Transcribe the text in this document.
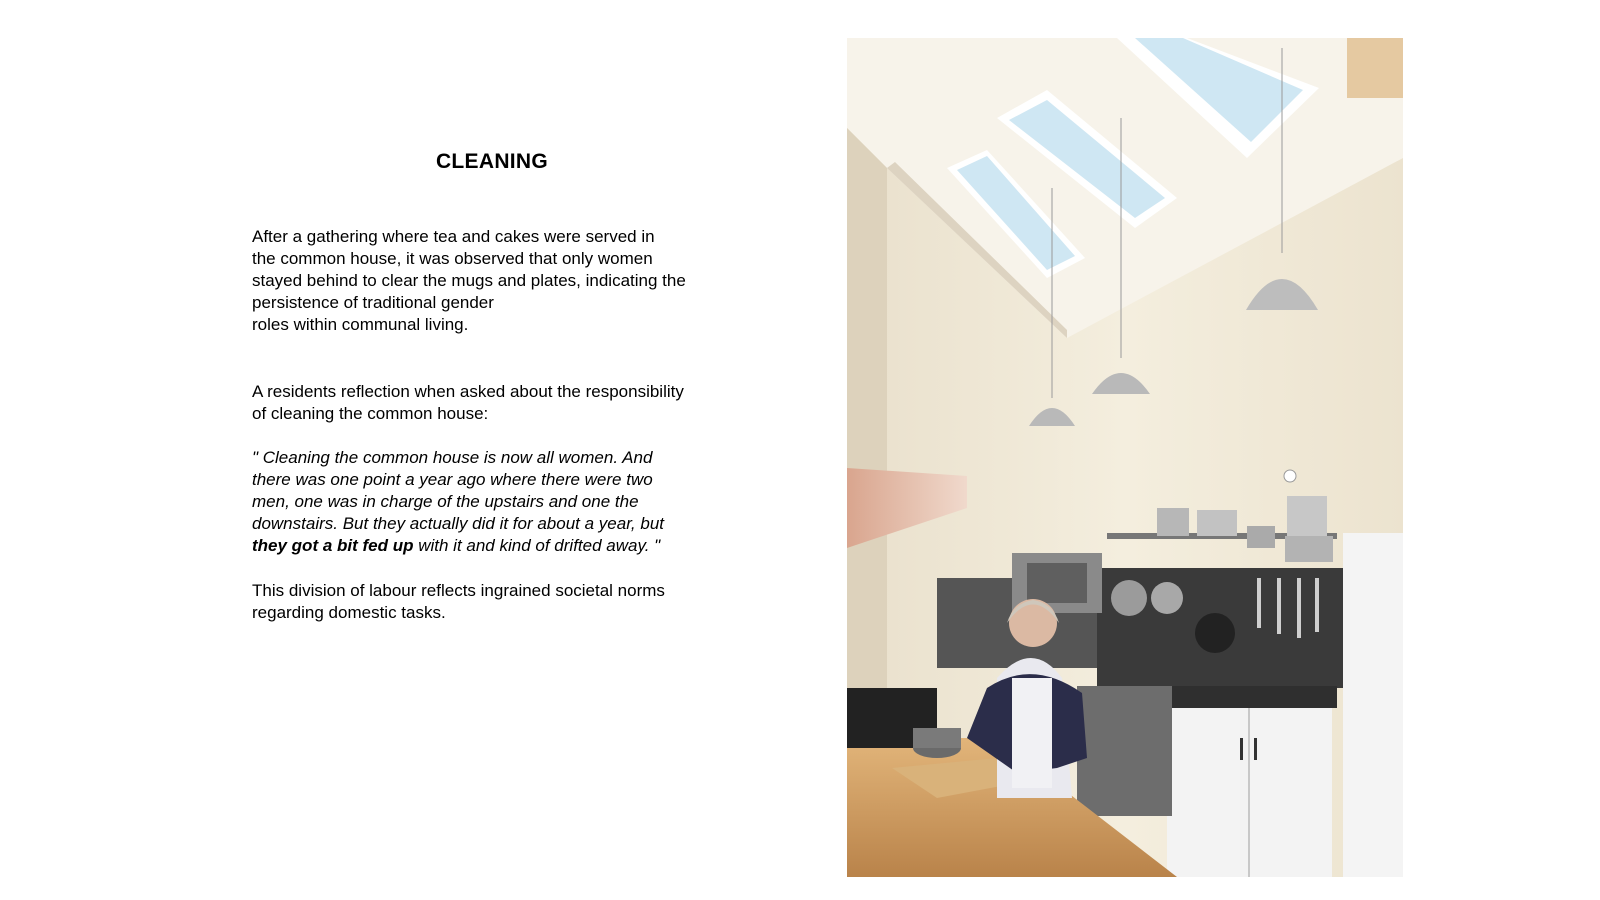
CLEANING

After a gathering where tea and cakes were served in
the common house, it was observed that only women
stayed behind to clear the mugs and plates, indicating the
persistence of traditional gender
roles within communal living.

A residents reflection when asked about the responsibility
of cleaning the common house:

" Cleaning the common house is now all women. And
there was one point a year ago where there were two
men, one was in charge of the upstairs and one the
downstairs. But they actually did it for about a year, but
they got a bit fed up with it and kind of drifted away. "

This division of labour reflects ingrained societal norms
regarding domestic tasks.
